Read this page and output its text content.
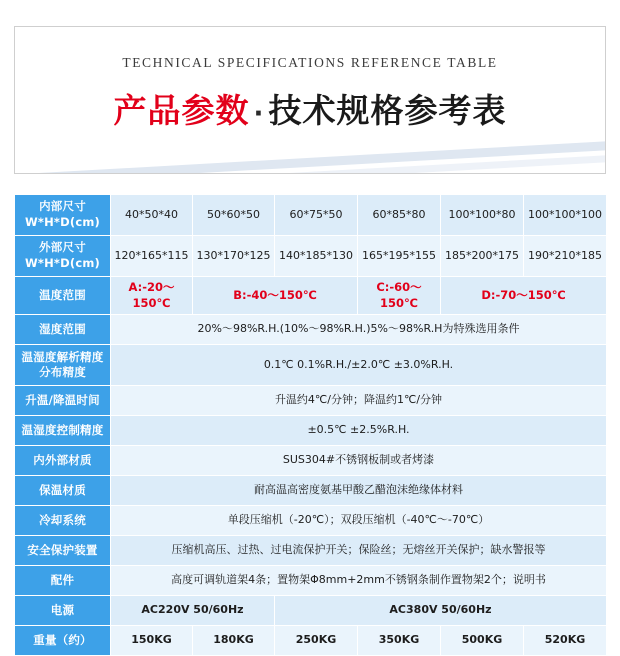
TECHNICAL SPECIFICATIONS REFERENCE TABLE
产品参数 · 技术规格参考表
内部尺寸
W*H*D(cm)	40*50*40	50*60*50	60*75*50	60*85*80	100*100*80	100*100*100

外部尺寸
W*H*D(cm)	120*165*115	130*170*125	140*185*130	165*195*155	185*200*175	190*210*185

温度范围	A:-20～150℃	B:-40～150℃		C:-60～150℃	D:-70～150℃	

湿度范围	20%～98%R.H.(10%～98%R.H.)5%～98%R.H为特殊选用条件					

温湿度解析精度
分布精度	0.1℃ 0.1%R.H./±2.0℃ ±3.0%R.H.					

升温/降温时间	升温约4℃/分钟；降温约1℃/分钟					

温湿度控制精度	±0.5℃ ±2.5%R.H.					

内外部材质	SUS304#不锈钢板制或者烤漆					

保温材质	耐高温高密度氨基甲酸乙醋泡沫绝缘体材料					

冷却系统	单段压缩机（-20℃）；双段压缩机（-40℃～-70℃）					

安全保护装置	压缩机高压、过热、过电流保护开关；保险丝；无熔丝开关保护；缺水警报等					

配件	高度可调轨道架4条；置物架Φ8mm+2mm不锈钢条制作置物架2个；说明书					

电源	AC220V 50/60Hz		AC380V 50/60Hz			

重量（约）	150KG	180KG	250KG	350KG	500KG	520KG
